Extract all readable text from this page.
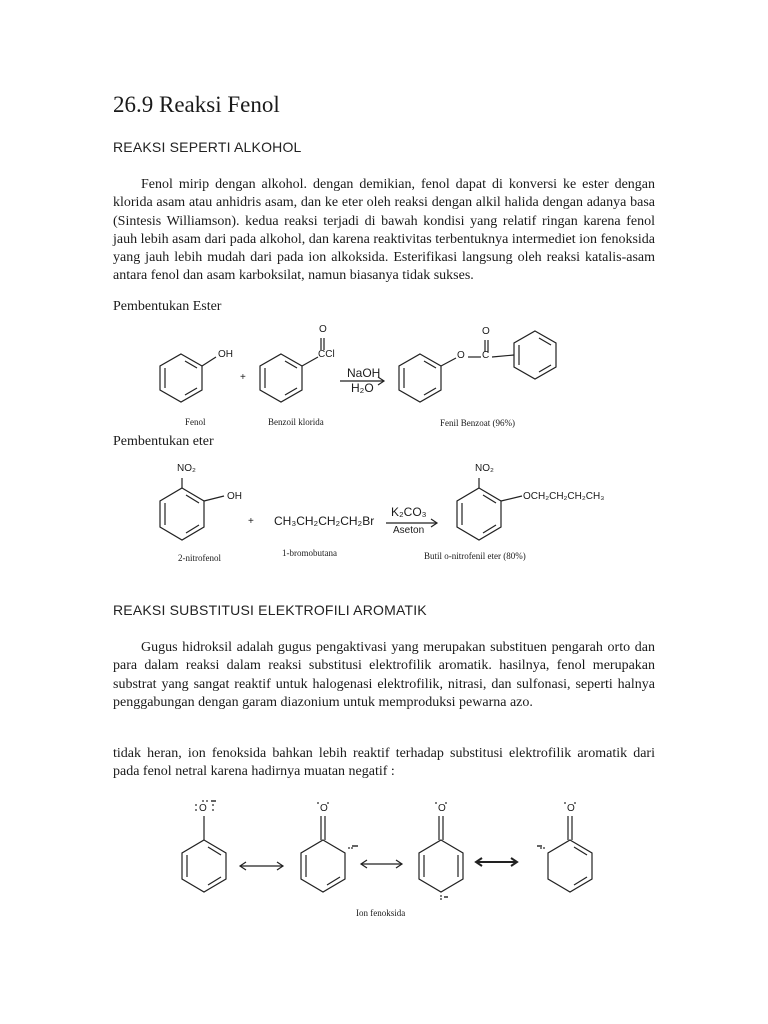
26.9 Reaksi Fenol
REAKSI SEPERTI ALKOHOL

Fenol mirip dengan alkohol. dengan demikian, fenol dapat di konversi ke ester dengan klorida asam atau anhidris asam, dan ke eter oleh reaksi dengan alkil halida dengan adanya basa (Sintesis Williamson). kedua reaksi terjadi di bawah kondisi yang relatif ringan karena fenol jauh lebih asam dari pada alkohol, dan karena reaktivitas terbentuknya intermediet ion fenoksida yang jauh lebih mudah dari pada ion alkoksida. Esterifikasi langsung oleh reaksi katalis-asam antara fenol dan asam karboksilat, namun biasanya tidak sukses.

Pembentukan Ester

OH
+
O
CCl
NaOH
H₂O
O C
O
Fenol	Benzoil klorida	Fenil Benzoat (96%)

Pembentukan eter

NO₂
OH
+ CH₃CH₂CH₂CH₂Br
K₂CO₃
Aseton
NO₂
OCH₂CH₂CH₂CH₃
2-nitrofenol	1-bromobutana	Butil o-nitrofenil eter (80%)
REAKSI SUBSTITUSI ELEKTROFILI AROMATIK

Gugus hidroksil adalah gugus pengaktivasi yang merupakan substituen pengarah orto dan para dalam reaksi dalam reaksi substitusi elektrofilik aromatik. hasilnya, fenol merupakan substrat yang sangat reaktif untuk halogenasi elektrofilik, nitrasi, dan sulfonasi, seperti halnya penggabungan dengan garam diazonium untuk memproduksi pewarna azo.

tidak heran, ion fenoksida bahkan lebih reaktif terhadap substitusi elektrofilik aromatik dari pada fenol netral karena hadirnya muatan negatif :

O	O	O	O
Ion fenoksida
